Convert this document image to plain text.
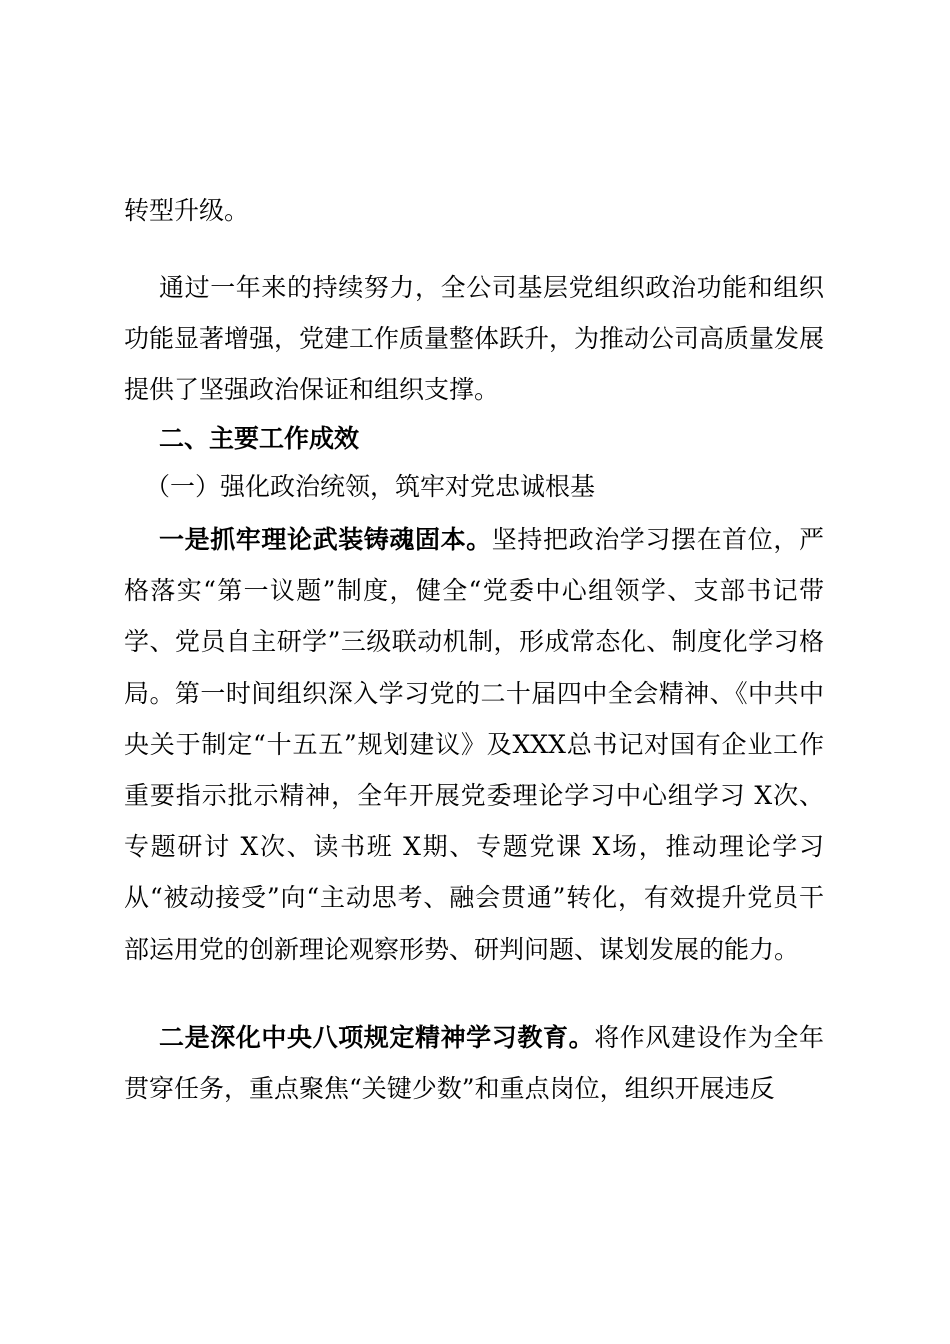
转型升级。

通过一年来的持续努力，全公司基层党组织政治功能和组织功能显著增强，党建工作质量整体跃升，为推动公司高质量发展提供了坚强政治保证和组织支撑。

二、主要工作成效

（一）强化政治统领，筑牢对党忠诚根基

一是抓牢理论武装铸魂固本。坚持把政治学习摆在首位，严格落实“第一议题”制度，健全“党委中心组领学、支部书记带学、党员自主研学”三级联动机制，形成常态化、制度化学习格局。第一时间组织深入学习党的二十届四中全会精神、《中共中央关于制定“十五五”规划建议》及XXX总书记对国有企业工作重要指示批示精神，全年开展党委理论学习中心组学习 X次、专题研讨 X次、读书班 X期、专题党课 X场，推动理论学习从“被动接受”向“主动思考、融会贯通”转化，有效提升党员干部运用党的创新理论观察形势、研判问题、谋划发展的能力。

二是深化中央八项规定精神学习教育。将作风建设作为全年贯穿任务，重点聚焦“关键少数”和重点岗位，组织开展违反
